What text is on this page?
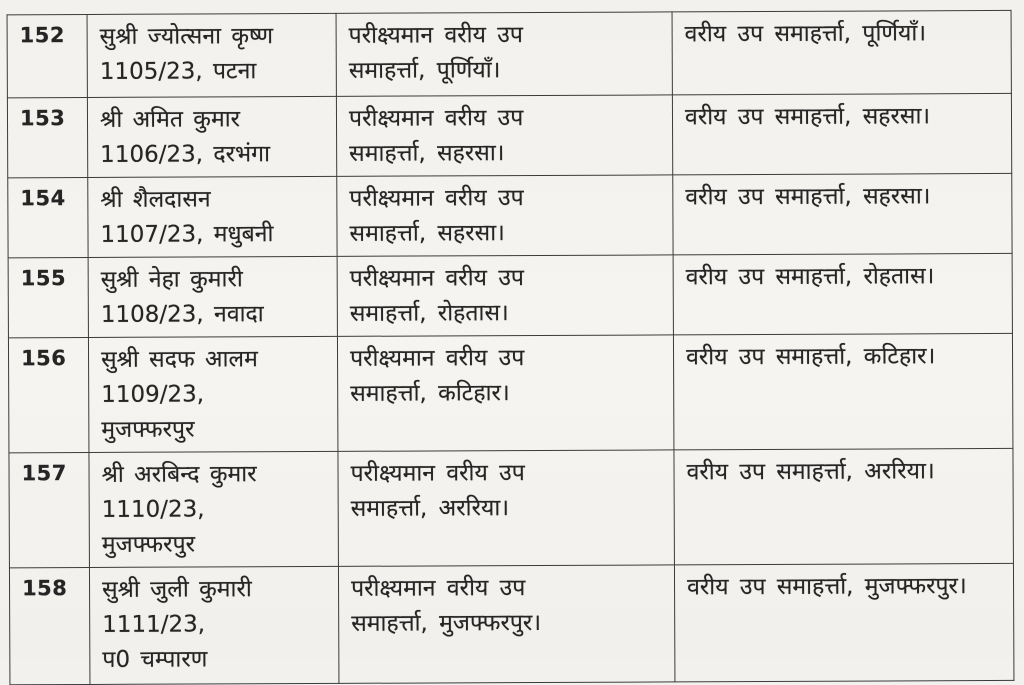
152	सुश्री ज्योत्सना कृष्ण
1105/23, पटना

परीक्ष्यमान वरीय उप
समाहर्त्ता, पूर्णियाँ।

वरीय उप समाहर्त्ता, पूर्णियाँ।

153	श्री अमित कुमार
1106/23, दरभंगा

परीक्ष्यमान वरीय उप
समाहर्त्ता, सहरसा।

वरीय उप समाहर्त्ता, सहरसा।

154	श्री शैलदासन
1107/23, मधुबनी

परीक्ष्यमान वरीय उप
समाहर्त्ता, सहरसा।

वरीय उप समाहर्त्ता, सहरसा।

155	सुश्री नेहा कुमारी
1108/23, नवादा

परीक्ष्यमान वरीय उप
समाहर्त्ता, रोहतास।

वरीय उप समाहर्त्ता, रोहतास।

156	सुश्री सदफ आलम
1109/23,
मुजफ्फरपुर

परीक्ष्यमान वरीय उप
समाहर्त्ता, कटिहार।

वरीय उप समाहर्त्ता, कटिहार।

157	श्री अरबिन्द कुमार
1110/23,
मुजफ्फरपुर

परीक्ष्यमान वरीय उप
समाहर्त्ता, अररिया।

वरीय उप समाहर्त्ता, अररिया।

158	सुश्री जुली कुमारी
1111/23,
प0 चम्पारण

परीक्ष्यमान वरीय उप
समाहर्त्ता, मुजफ्फरपुर।

वरीय उप समाहर्त्ता, मुजफ्फरपुर।
